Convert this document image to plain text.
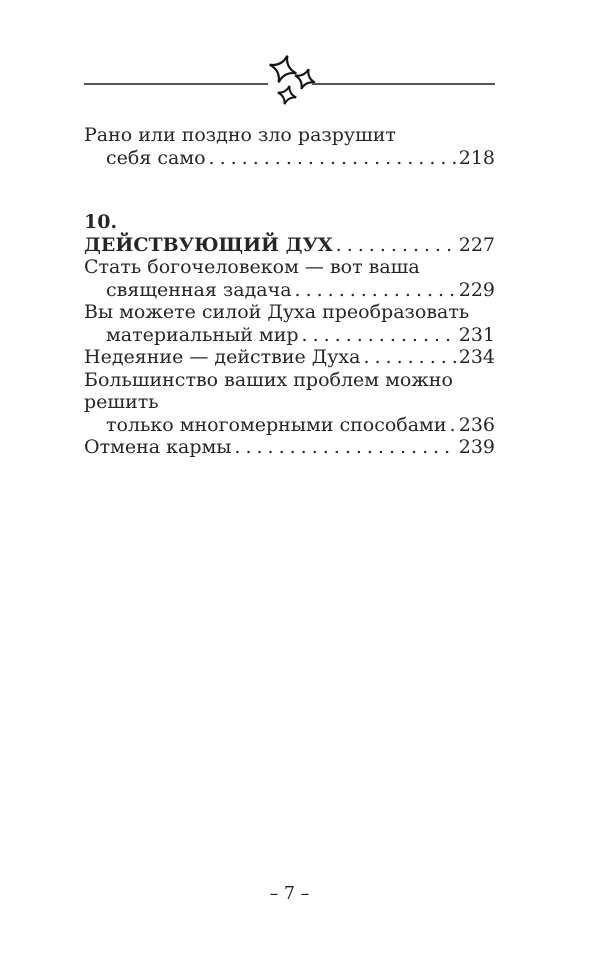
Рано или поздно зло разрушит
себя само .....	218
10.
ДЕЙСТВУЮЩИЙ ДУХ .....	227
Стать богочеловеком — вот ваша
священная задача .....	229
Вы можете силой Духа преобразовать
материальный мир .....	231
Недеяние — действие Духа .....	234
Большинство ваших проблем можно решить
только многомерными способами ..... 236
Отмена кармы .....	239
– 7 –
